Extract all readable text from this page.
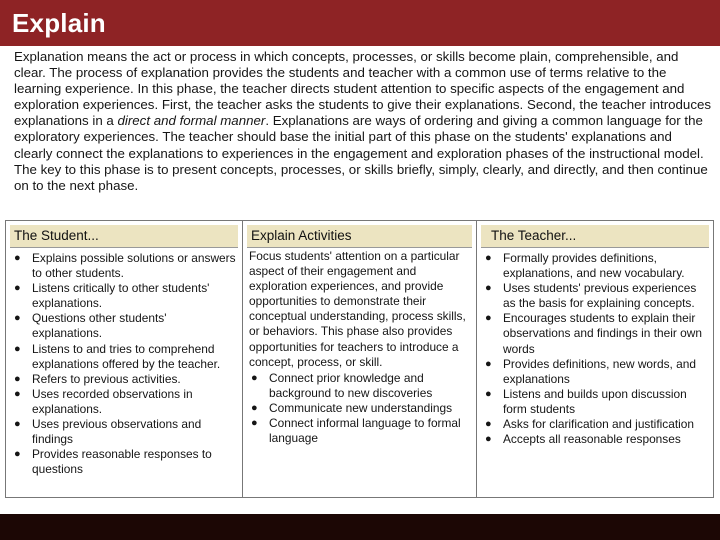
Explain

Explanation means the act or process in which concepts, processes, or skills become plain, comprehensible, and clear. The process of explanation provides the students and teacher with a common use of terms relative to the learning experience. In this phase, the teacher directs student attention to specific aspects of the engagement and exploration experiences. First, the teacher asks the students to give their explanations. Second, the teacher introduces explanations in a direct and formal manner. Explanations are ways of ordering and giving a common language for the exploratory experiences. The teacher should base the initial part of this phase on the students' explanations and clearly connect the explanations to experiences in the engagement and exploration phases of the instructional model. The key to this phase is to present concepts, processes, or skills briefly, simply, clearly, and directly, and then continue on to the next phase.

The Student...
● Explains possible solutions or answers to other students.
● Listens critically to other students' explanations.
● Questions other students' explanations.
● Listens to and tries to comprehend explanations offered by the teacher.
● Refers to previous activities.
● Uses recorded observations in explanations.
● Uses previous observations and findings
● Provides reasonable responses to questions
Explain Activities

Focus students' attention on a particular aspect of their engagement and exploration experiences, and provide opportunities to demonstrate their conceptual understanding, process skills, or behaviors. This phase also provides opportunities for teachers to introduce a concept, process, or skill.

● Connect prior knowledge and background to new discoveries
● Communicate new understandings
● Connect informal language to formal language
The Teacher...
● Formally provides definitions, explanations, and new vocabulary.
● Uses students' previous experiences as the basis for explaining concepts.
● Encourages students to explain their observations and findings in their own words
● Provides definitions, new words, and explanations
● Listens and builds upon discussion form students
● Asks for clarification and justification
● Accepts all reasonable responses
